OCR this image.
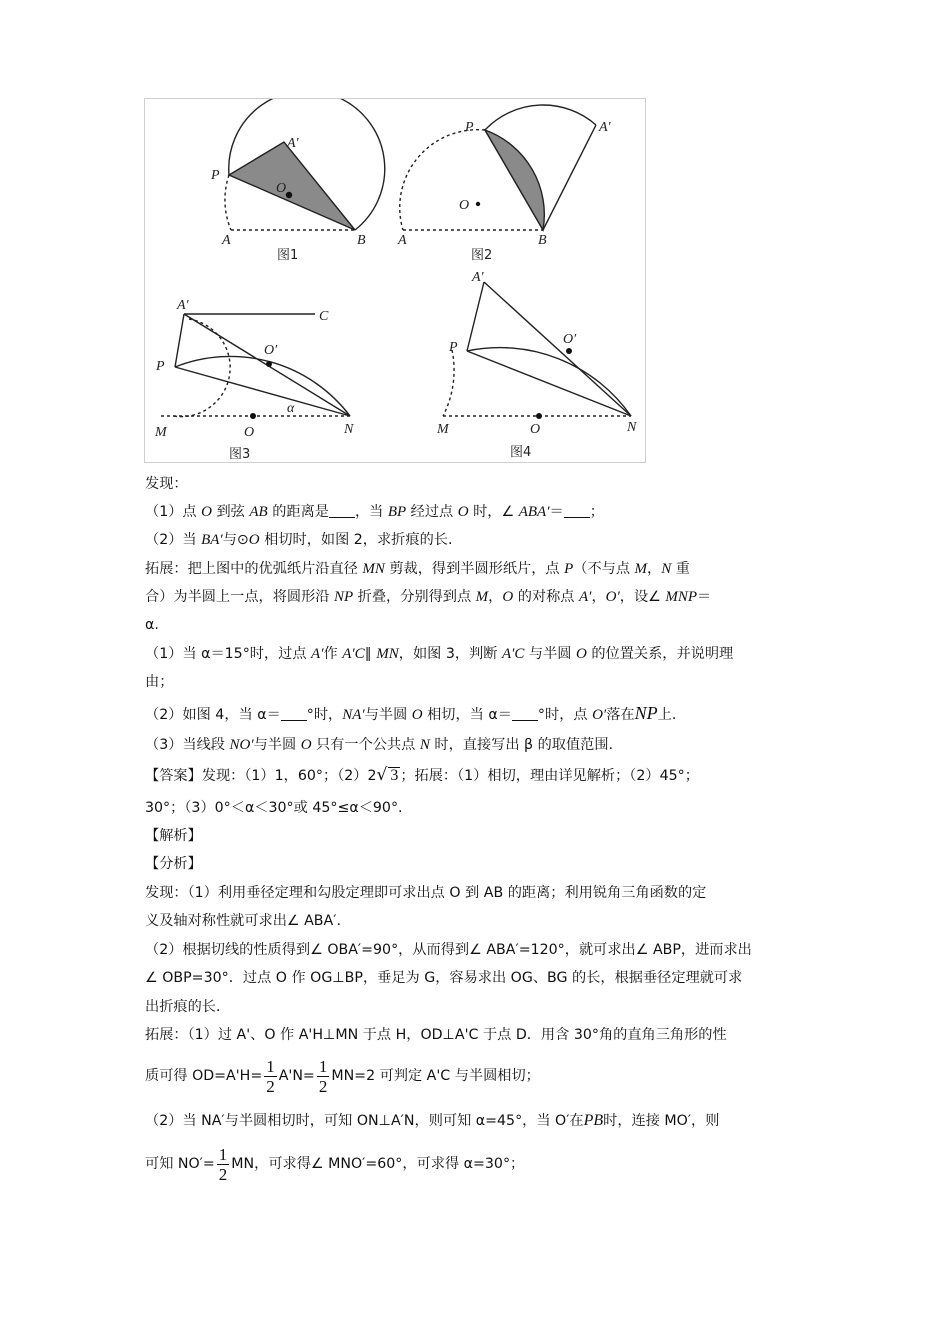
P
A′
O
A	B
图1
P	A′
O
A	B
图2
A′
C
O′
P
α
M	O	N
图3
A′
O′
P
M	O	N
图4
发现：
（1）点 O 到弦 AB 的距离是 ，当 BP 经过点 O 时，∠ ABA′＝ ；
（2）当 BA′与⊙O 相切时，如图 2，求折痕的长.
拓展：把上图中的优弧纸片沿直径 MN 剪裁，得到半圆形纸片，点 P（不与点 M，N 重
合）为半圆上一点，将圆形沿 NP 折叠，分别得到点 M，O 的对称点 A′，O′，设∠ MNP＝
α.
（1）当 α＝15°时，过点 A′作 A′C∥ MN，如图 3，判断 A′C 与半圆 O 的位置关系，并说明理
由；
（2）如图 4，当 α＝ °时，NA′与半圆 O 相切，当 α＝ °时，点 O′落在NP上.
（3）当线段 NO′与半圆 O 只有一个公共点 N 时，直接写出 β 的取值范围.
【答案】发现：（1）1，60°；（2）2√ 3 ；拓展：（1）相切，理由详见解析；（2）45°；
30°；（3）0°＜α＜30°或 45°≤α＜90°.
【解析】
【分析】
发现：（1）利用垂径定理和勾股定理即可求出点 O 到 AB 的距离；利用锐角三角函数的定
义及轴对称性就可求出∠ ABA′.
（2）根据切线的性质得到∠ OBA′=90°，从而得到∠ ABA′=120°，就可求出∠ ABP，进而求出
∠ OBP=30°．过点 O 作 OG⊥BP，垂足为 G，容易求出 OG、BG 的长，根据垂径定理就可求
出折痕的长．
拓展：（1）过 A'、O 作 A'H⊥MN 于点 H，OD⊥A'C 于点 D．用含 30°角的直角三角形的性
质可得 $OD=A'H= \frac{1}{2} A'N= \frac{1}{2} MN=2$ 可判定 A'C 与半圆相切；
（2）当 NA′与半圆相切时，可知 ON⊥A′N，则可知 α=45°，当 O′在PB时，连接 MO′，则
可知 $NO'= \frac{1}{2}$ MN，可求得∠ MNO′=60°，可求得 α=30°；
